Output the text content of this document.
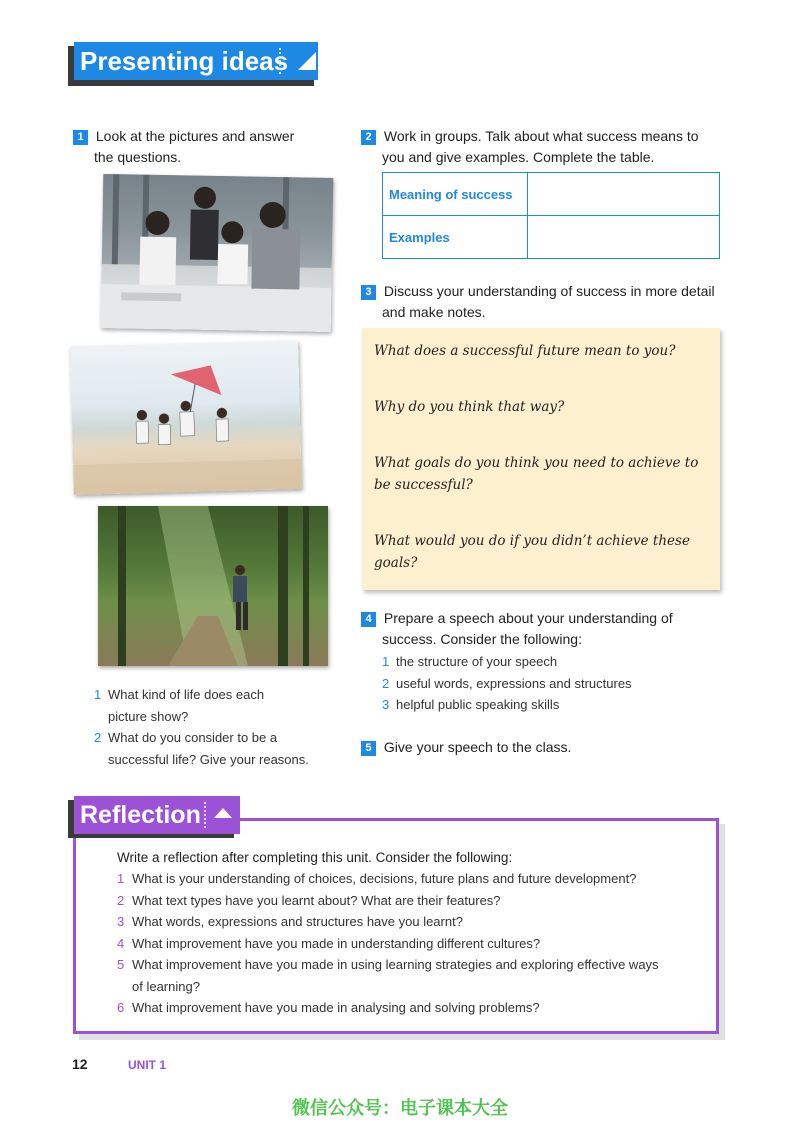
Presenting ideas
1 Look at the pictures and answer
the questions.
1 What kind of life does each
picture show?
2 What do you consider to be a
successful life? Give your reasons.
2 Work in groups. Talk about what success means to
you and give examples. Complete the table.
Meaning of success	
Examples	
3 Discuss your understanding of success in more detail
and make notes.
What does a successful future mean to you?
Why do you think that way?
What goals do you think you need to achieve to
be successful?
What would you do if you didn’t achieve these goals?
4 Prepare a speech about your understanding of
success. Consider the following:
1 the structure of your speech
2 useful words, expressions and structures
3 helpful public speaking skills
5 Give your speech to the class.
Reflection
Write a reflection after completing this unit. Consider the following:
1 What is your understanding of choices, decisions, future plans and future development?
2 What text types have you learnt about? What are their features?
3 What words, expressions and structures have you learnt?
4 What improvement have you made in understanding different cultures?
5 What improvement have you made in using learning strategies and exploring effective ways
of learning?
6 What improvement have you made in analysing and solving problems?
12	UNIT 1
微信公众号：电子课本大全
